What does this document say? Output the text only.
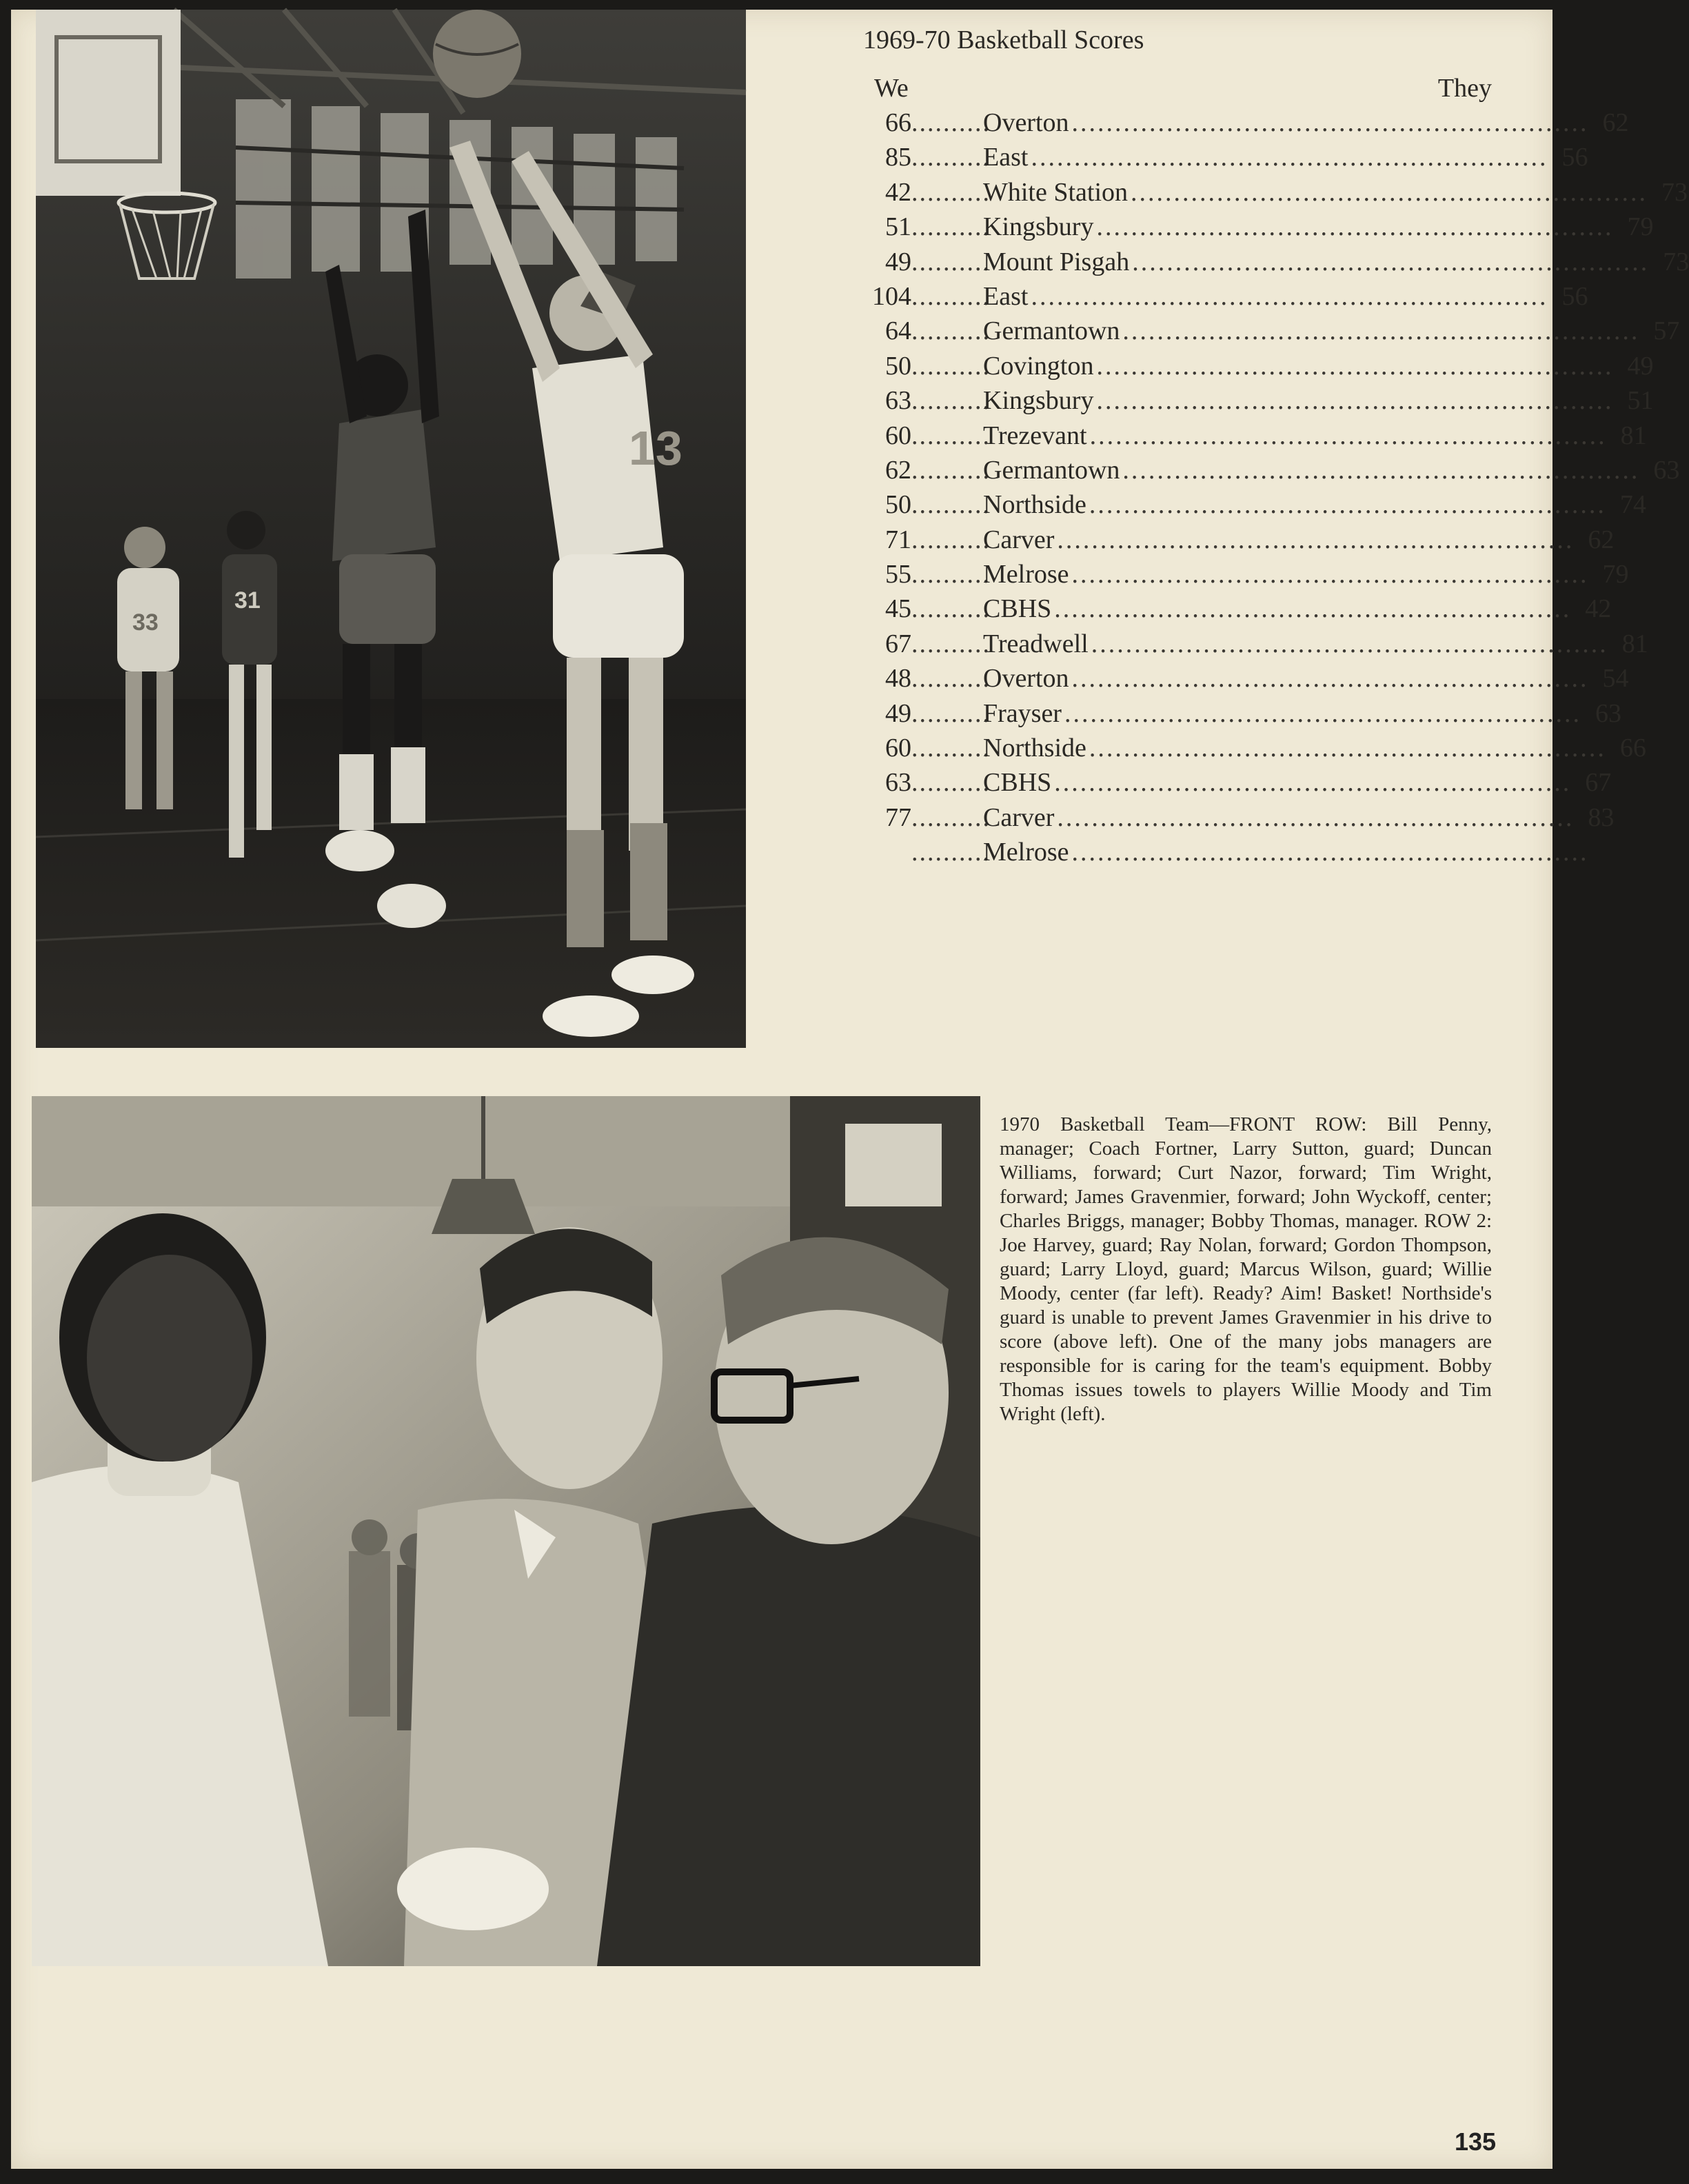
13
33
31
1969-70 Basketball Scores
We	They
66 ..........
Overton ............................................................ 62
85 ..........
East ............................................................ 56
42 ..........
White Station ............................................................ 73
51 ..........
Kingsbury ............................................................ 79
49 ..........
Mount Pisgah ............................................................ 73
104 ..........
East ............................................................ 56
64 ..........
Germantown ............................................................ 57
50 ..........
Covington ............................................................ 49
63 ..........
Kingsbury ............................................................ 51
60 ..........
Trezevant ............................................................ 81
62 ..........
Germantown ............................................................ 63
50 ..........
Northside ............................................................ 74
71 ..........
Carver ............................................................ 62
55 ..........
Melrose ............................................................ 79
45 ..........
CBHS ............................................................ 42
67 ..........
Treadwell ............................................................ 81
48 ..........
Overton ............................................................ 54
49 ..........
Frayser ............................................................ 63
60 ..........
Northside ............................................................ 66
63 ..........
CBHS ............................................................ 67
77 ..........
Carver ............................................................ 83
..........
Melrose ............................................................

1970 Basketball Team—FRONT ROW: Bill Penny, manager; Coach Fortner, Larry Sutton, guard; Duncan Williams, forward; Curt Nazor, forward; Tim Wright, forward; James Gravenmier, forward; John Wyckoff, center; Charles Briggs, manager; Bobby Thomas, manager. ROW 2: Joe Harvey, guard; Ray Nolan, forward; Gordon Thompson, guard; Larry Lloyd, guard; Marcus Wilson, guard; Willie Moody, center (far left). Ready? Aim! Basket! Northside's guard is unable to prevent James Gravenmier in his drive to score (above left). One of the many jobs managers are responsible for is caring for the team's equipment. Bobby Thomas issues towels to players Willie Moody and Tim Wright (left).

135
